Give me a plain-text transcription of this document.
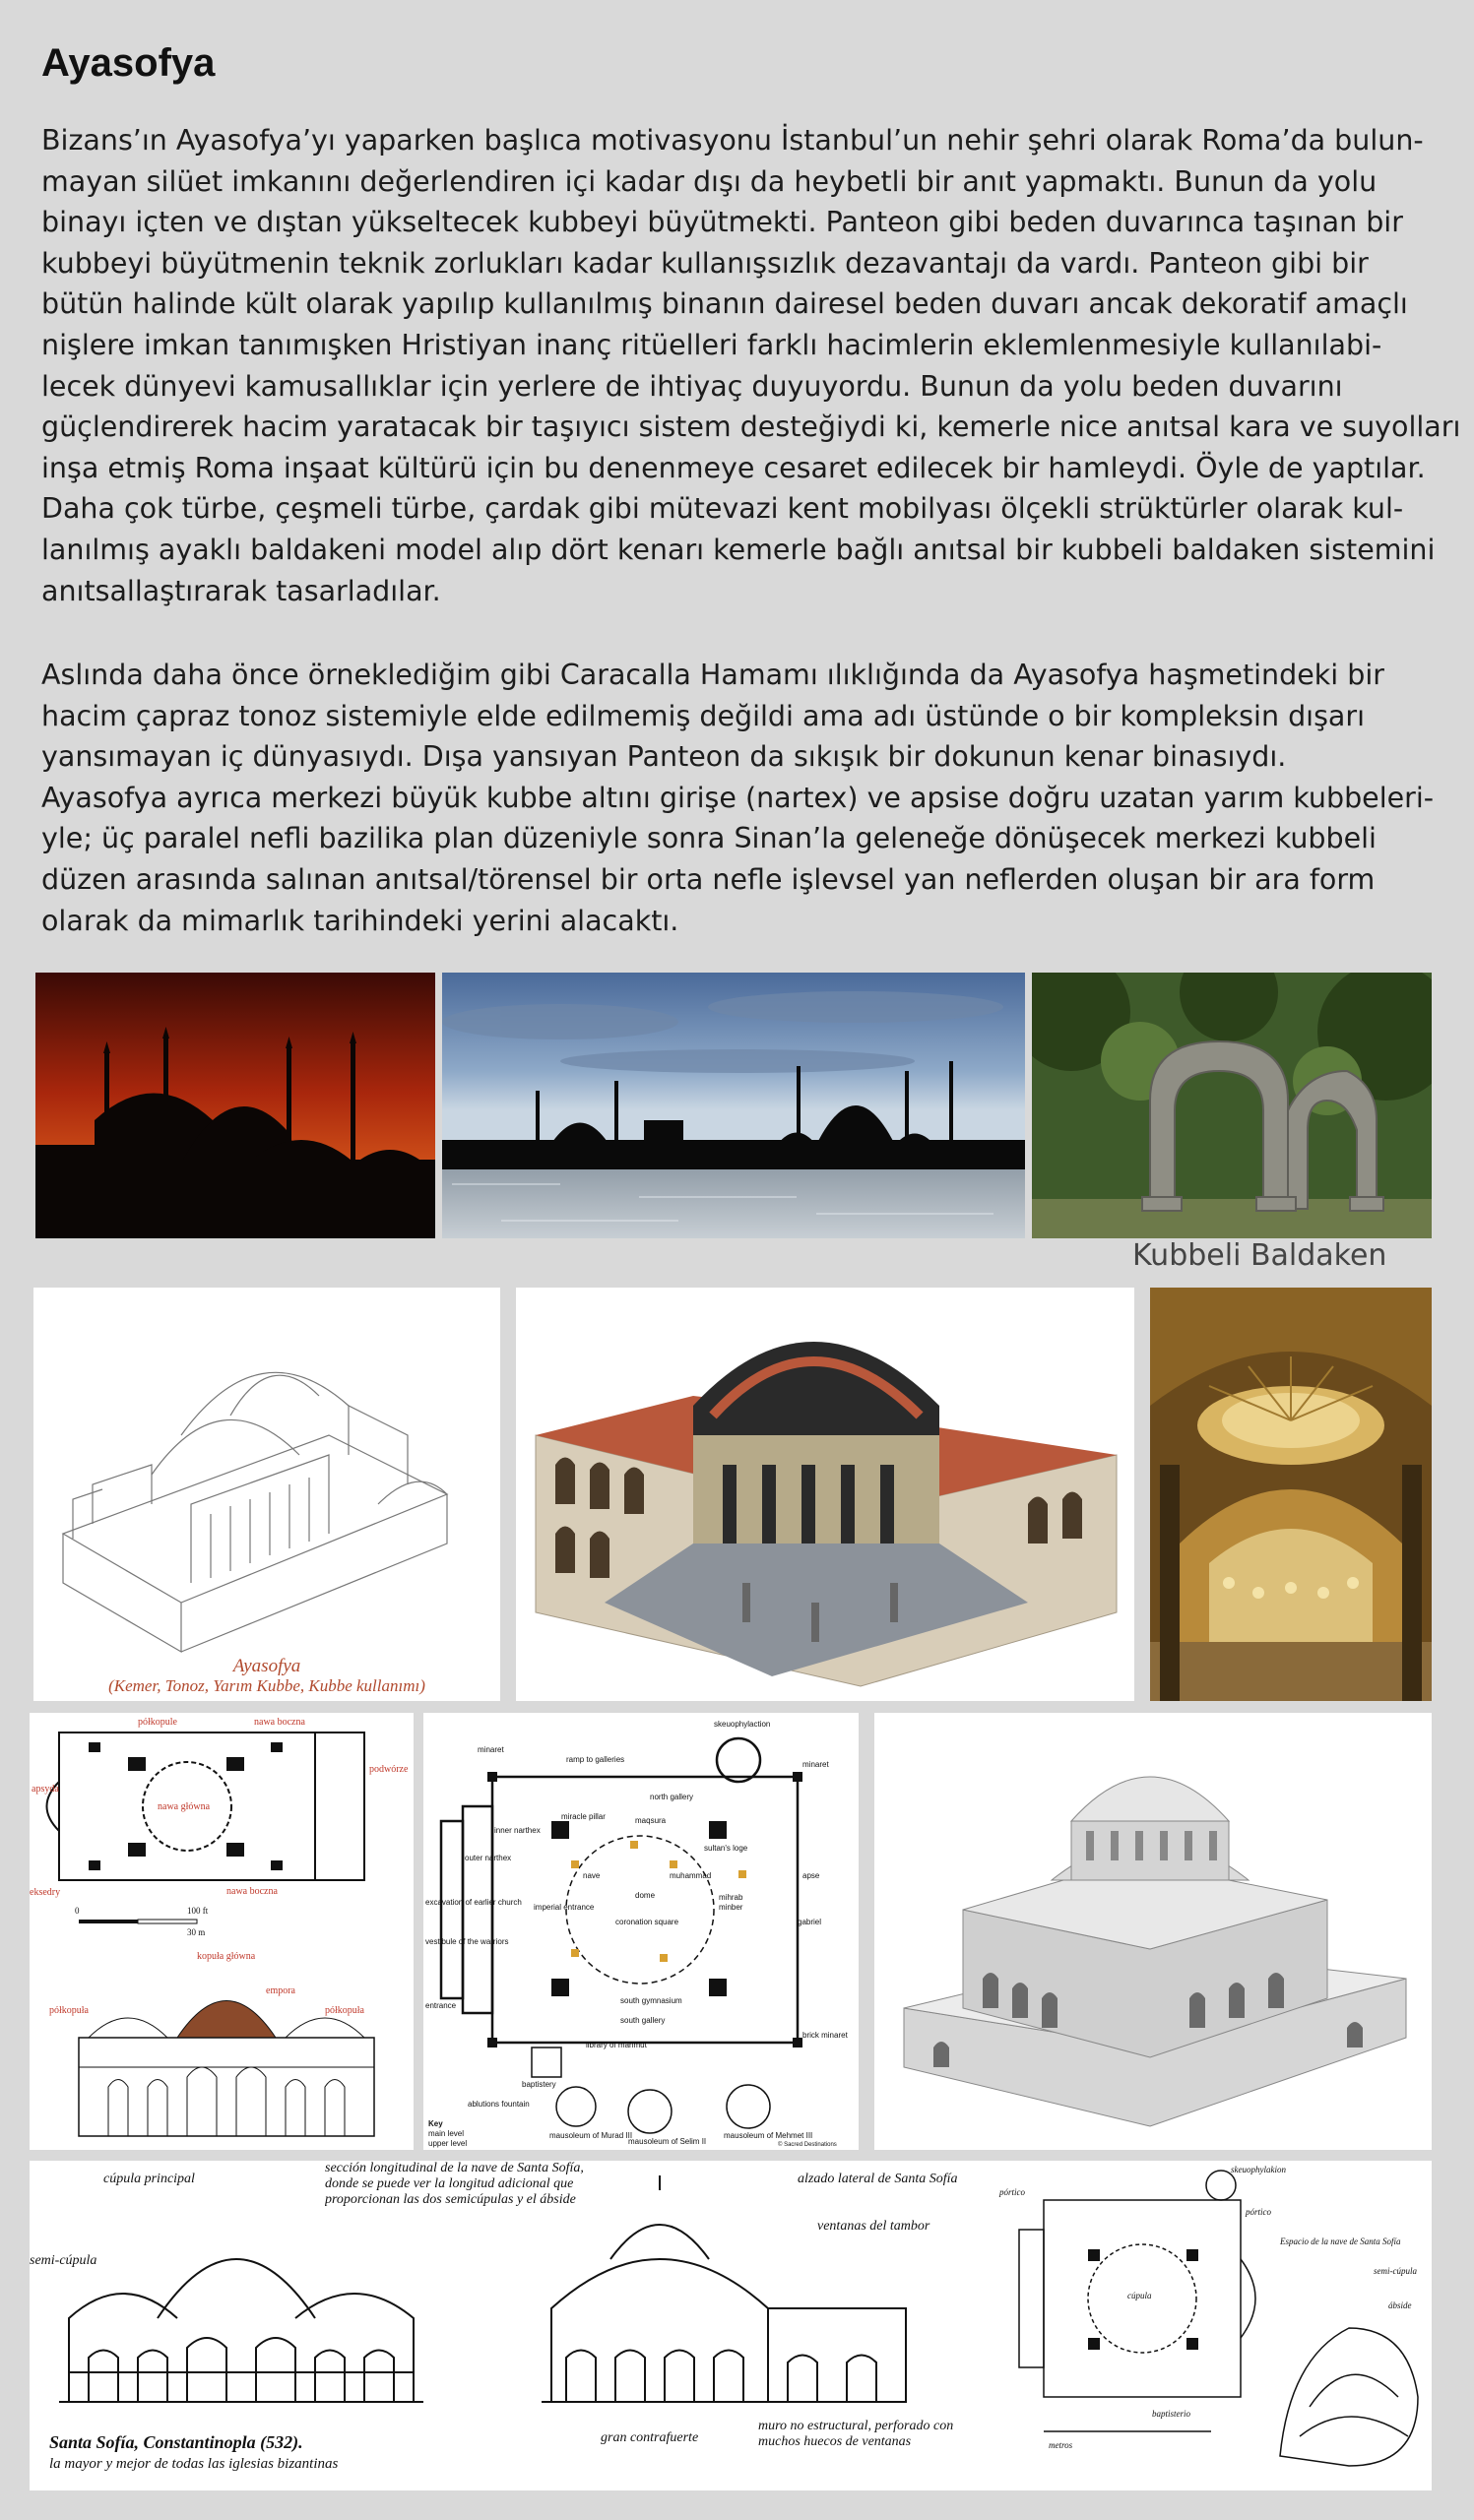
Ayasofya
Bizans’ın Ayasofya’yı yaparken başlıca motivasyonu İstanbul’un nehir şehri olarak Roma’da bulun-
mayan silüet imkanını değerlendiren içi kadar dışı da heybetli bir anıt yapmaktı. Bunun da yolu
binayı içten ve dıştan yükseltecek kubbeyi büyütmekti. Panteon gibi beden duvarınca taşınan bir
kubbeyi büyütmenin teknik zorlukları kadar kullanışsızlık dezavantajı da vardı. Panteon gibi bir
bütün halinde kült olarak yapılıp kullanılmış binanın dairesel beden duvarı ancak dekoratif amaçlı
nişlere imkan tanımışken Hristiyan inanç ritüelleri farklı hacimlerin eklemlenmesiyle kullanılabi-
lecek dünyevi kamusallıklar için yerlere de ihtiyaç duyuyordu. Bunun da yolu beden duvarını
güçlendirerek hacim yaratacak bir taşıyıcı sistem desteğiydi ki, kemerle nice anıtsal kara ve suyolları
inşa etmiş Roma inşaat kültürü için bu denenmeye cesaret edilecek bir hamleydi. Öyle de yaptılar.
Daha çok türbe, çeşmeli türbe, çardak gibi mütevazi kent mobilyası ölçekli strüktürler olarak kul-
lanılmış ayaklı baldakeni model alıp dört kenarı kemerle bağlı anıtsal bir kubbeli baldaken sistemini
anıtsallaştırarak tasarladılar.
Aslında daha önce örneklediğim gibi Caracalla Hamamı ılıklığında da Ayasofya haşmetindeki bir
hacim çapraz tonoz sistemiyle elde edilmemiş değildi ama adı üstünde o bir kompleksin dışarı
yansımayan iç dünyasıydı. Dışa yansıyan Panteon da sıkışık bir dokunun kenar binasıydı.
Ayasofya ayrıca merkezi büyük kubbe altını girişe (nartex) ve apsise doğru uzatan yarım kubbeleri-
yle; üç paralel nefli bazilika plan düzeniyle sonra Sinan’la geleneğe dönüşecek merkezi kubbeli
düzen arasında salınan anıtsal/törensel bir orta nefle işlevsel yan neflerden oluşan bir ara form
olarak da mimarlık tarihindeki yerini alacaktı.
Kubbeli Baldaken
Ayasofya
(Kemer, Tonoz, Yarım Kubbe, Kubbe kullanımı)
półkopule	nawa boczna
podwórze
apsyda
nawa główna
eksedry	nawa boczna
0	100 ft
30 m
kopuła główna
empora
półkopuła	półkopuła
skeuophylaction
minaret
ramp to galleries
minaret
north gallery
inner narthex
outer narthex
miracle pillar	maqsura
sultan's loge
nave	muhammad	apse
imperial entrance
coronation square
mihrab
minber
dome
gabriel
vestibule of the warriors
excavation of earlier church
south gallery
south gymnasium
library of mahmut
entrance
baptistery
ablutions fountain
mausoleum of Murad III
mausoleum of Selim II
mausoleum of Mehmet III
brick minaret
Key
main level
upper level	© Sacred Destinations
cúpula principal
semi-cúpula
sección longitudinal de la nave de Santa Sofía, donde se puede ver la longitud adicional que proporcionan las dos semicúpulas y el ábside
Santa Sofía, Constantinopla (532).
la mayor y mejor de todas las iglesias bizantinas
alzado lateral de Santa Sofía
ventanas del tambor
gran contrafuerte
muro no estructural, perforado con muchos huecos de ventanas
skeuophylakion
pórtico
pórtico
Espacio de la nave de Santa Sofía
cúpula
semi-cúpula
ábside
metros
baptisterio
